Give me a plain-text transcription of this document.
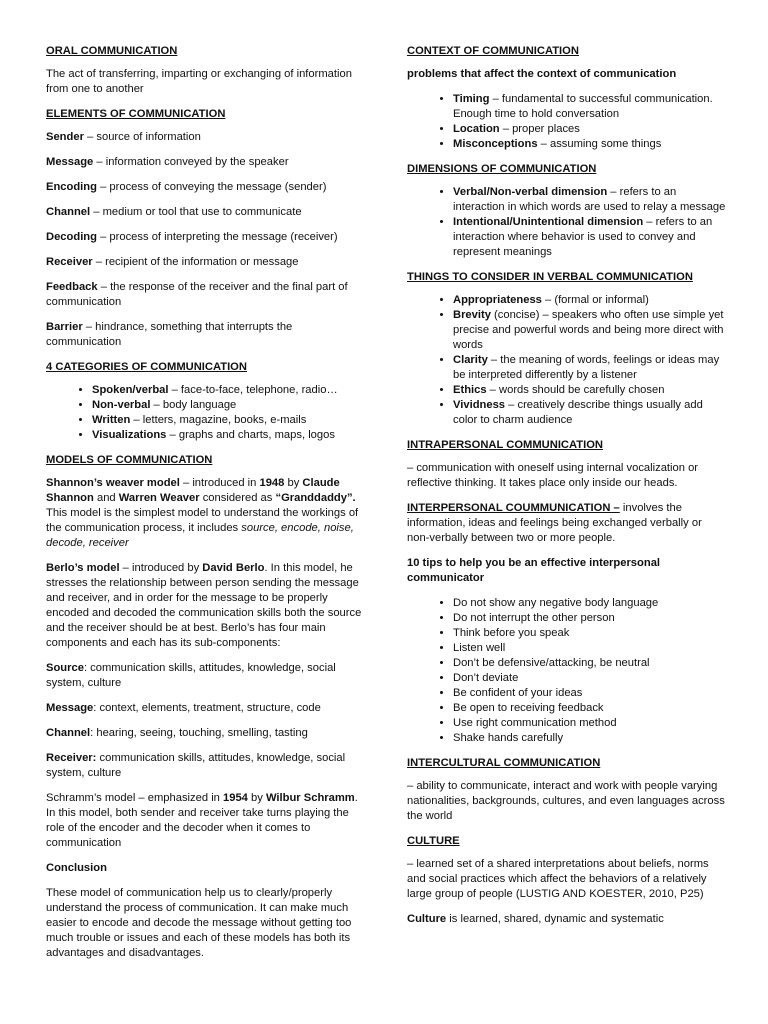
ORAL COMMUNICATION

The act of transferring, imparting or exchanging of information from one to another

ELEMENTS OF COMMUNICATION

Sender – source of information

Message – information conveyed by the speaker

Encoding – process of conveying the message (sender)

Channel – medium or tool that use to communicate

Decoding – process of interpreting the message (receiver)

Receiver – recipient of the information or message

Feedback – the response of the receiver and the final part of communication

Barrier – hindrance, something that interrupts the communication

4 CATEGORIES OF COMMUNICATION
• Spoken/verbal – face-to-face, telephone, radio…
• Non-verbal – body language
• Written – letters, magazine, books, e-mails
• Visualizations – graphs and charts, maps, logos
MODELS OF COMMUNICATION

Shannon’s weaver model – introduced in 1948 by Claude Shannon and Warren Weaver considered as “Granddaddy”. This model is the simplest model to understand the workings of the communication process, it includes source, encode, noise, decode, receiver

Berlo’s model – introduced by David Berlo. In this model, he stresses the relationship between person sending the message and receiver, and in order for the message to be properly encoded and decoded the communication skills both the source and the receiver should be at best. Berlo’s has four main components and each has its sub-components:

Source: communication skills, attitudes, knowledge, social system, culture

Message: context, elements, treatment, structure, code

Channel: hearing, seeing, touching, smelling, tasting

Receiver: communication skills, attitudes, knowledge, social system, culture

Schramm’s model – emphasized in 1954 by Wilbur Schramm. In this model, both sender and receiver take turns playing the role of the encoder and the decoder when it comes to communication

Conclusion

These model of communication help us to clearly/properly understand the process of communication. It can make much easier to encode and decode the message without getting too much trouble or issues and each of these models has both its advantages and disadvantages.

CONTEXT OF COMMUNICATION

problems that affect the context of communication

• Timing – fundamental to successful communication. Enough time to hold conversation
• Location – proper places
• Misconceptions – assuming some things
DIMENSIONS OF COMMUNICATION
• Verbal/Non-verbal dimension – refers to an interaction in which words are used to relay a message
• Intentional/Unintentional dimension – refers to an interaction where behavior is used to convey and represent meanings
THINGS TO CONSIDER IN VERBAL COMMUNICATION
• Appropriateness – (formal or informal)
• Brevity (concise) – speakers who often use simple yet precise and powerful words and being more direct with words
• Clarity – the meaning of words, feelings or ideas may be interpreted differently by a listener
• Ethics – words should be carefully chosen
• Vividness – creatively describe things usually add color to charm audience
INTRAPERSONAL COMMUNICATION

– communication with oneself using internal vocalization or reflective thinking. It takes place only inside our heads.

INTERPERSONAL COUMMUNICATION – involves the information, ideas and feelings being exchanged verbally or non-verbally between two or more people.

10 tips to help you be an effective interpersonal communicator

• Do not show any negative body language
• Do not interrupt the other person
• Think before you speak
• Listen well
• Don’t be defensive/attacking, be neutral
• Don’t deviate
• Be confident of your ideas
• Be open to receiving feedback
• Use right communication method
• Shake hands carefully
INTERCULTURAL COMMUNICATION

– ability to communicate, interact and work with people varying nationalities, backgrounds, cultures, and even languages across the world

CULTURE

– learned set of a shared interpretations about beliefs, norms and social practices which affect the behaviors of a relatively large group of people (LUSTIG AND KOESTER, 2010, P25)

Culture is learned, shared, dynamic and systematic
